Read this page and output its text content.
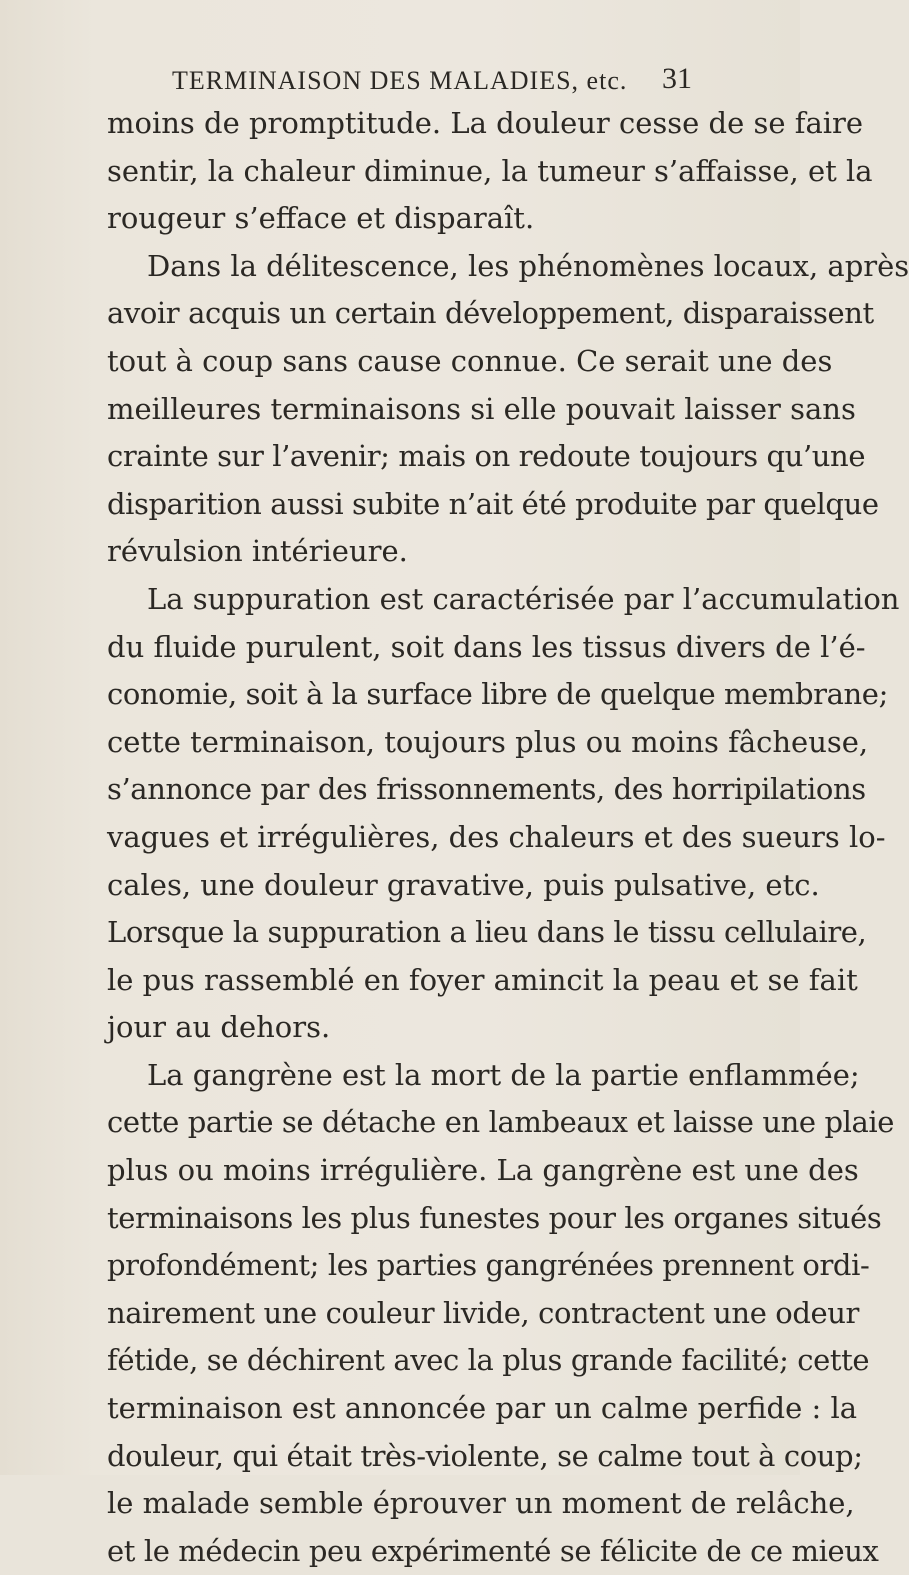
TERMINAISON DES MALADIES, etc. 31
moins de promptitude. La douleur cesse de se faire
sentir, la chaleur diminue, la tumeur s’affaisse, et la
rougeur s’efface et disparaît.
Dans la délitescence, les phénomènes locaux, après
avoir acquis un certain développement, disparaissent
tout à coup sans cause connue. Ce serait une des
meilleures terminaisons si elle pouvait laisser sans
crainte sur l’avenir; mais on redoute toujours qu’une
disparition aussi subite n’ait été produite par quelque
révulsion intérieure.
La suppuration est caractérisée par l’accumulation
du fluide purulent, soit dans les tissus divers de l’é-
conomie, soit à la surface libre de quelque membrane;
cette terminaison, toujours plus ou moins fâcheuse,
s’annonce par des frissonnements, des horripilations
vagues et irrégulières, des chaleurs et des sueurs lo-
cales, une douleur gravative, puis pulsative, etc.
Lorsque la suppuration a lieu dans le tissu cellulaire,
le pus rassemblé en foyer amincit la peau et se fait
jour au dehors.
La gangrène est la mort de la partie enflammée;
cette partie se détache en lambeaux et laisse une plaie
plus ou moins irrégulière. La gangrène est une des
terminaisons les plus funestes pour les organes situés
profondément; les parties gangrénées prennent ordi-
nairement une couleur livide, contractent une odeur
fétide, se déchirent avec la plus grande facilité; cette
terminaison est annoncée par un calme perfide : la
douleur, qui était très-violente, se calme tout à coup;
le malade semble éprouver un moment de relâche,
et le médecin peu expérimenté se félicite de ce mieux
